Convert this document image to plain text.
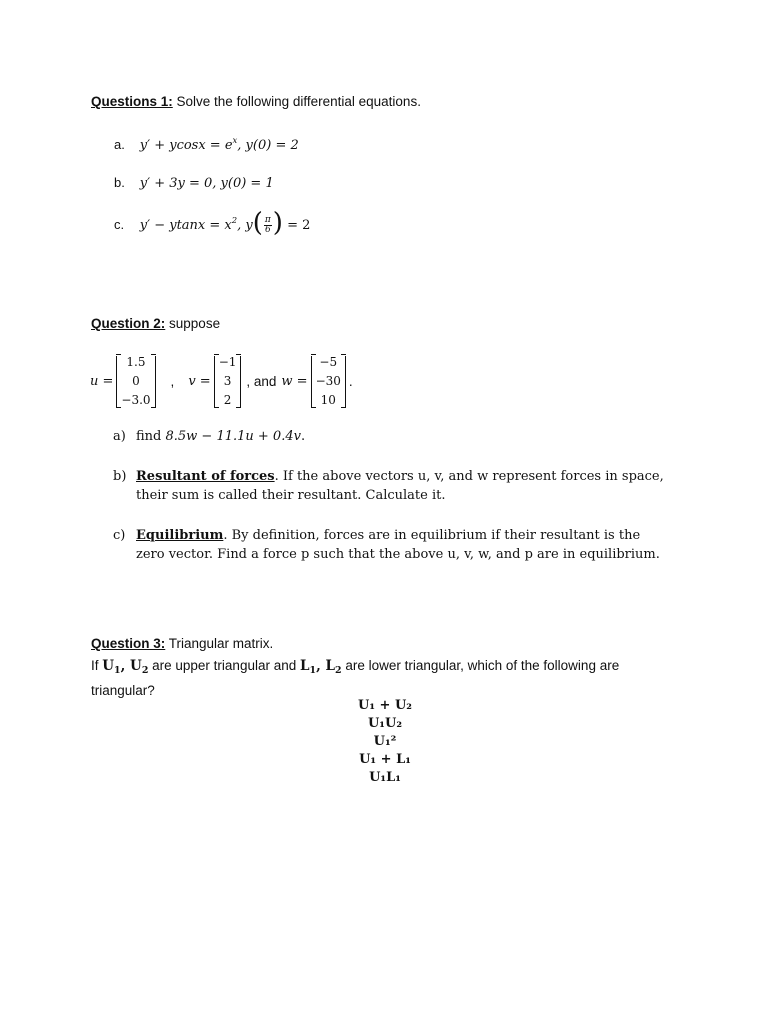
Questions 1: Solve the following differential equations.
a. $y' + ycosx = e^x$, y(0) = 2
b. y′ + 3y = 0, y(0) = 1
c. $y' - ytanx = x^2$, $y( \frac{\pi}{6}$ ) = 2
Question 2: suppose
u =
1.5
0
−3.0
, v =
−1
3
2
, and w =
−5
−30
10
.
a) find 8.5w − 11.1u + 0.4v.
b) Resultant of forces. If the above vectors u, v, and w represent forces in space, their sum is called their resultant. Calculate it.
c) Equilibrium. By definition, forces are in equilibrium if their resultant is the zero vector. Find a force p such that the above u, v, w, and p are in equilibrium.
Question 3: Triangular matrix.
If $U_1$, $U_2$ are upper triangular and $L_1$, $L_2$ are lower triangular, which of the following are triangular?
U₁ + U₂
U₁U₂
U₁²
U₁ + L₁
U₁L₁
